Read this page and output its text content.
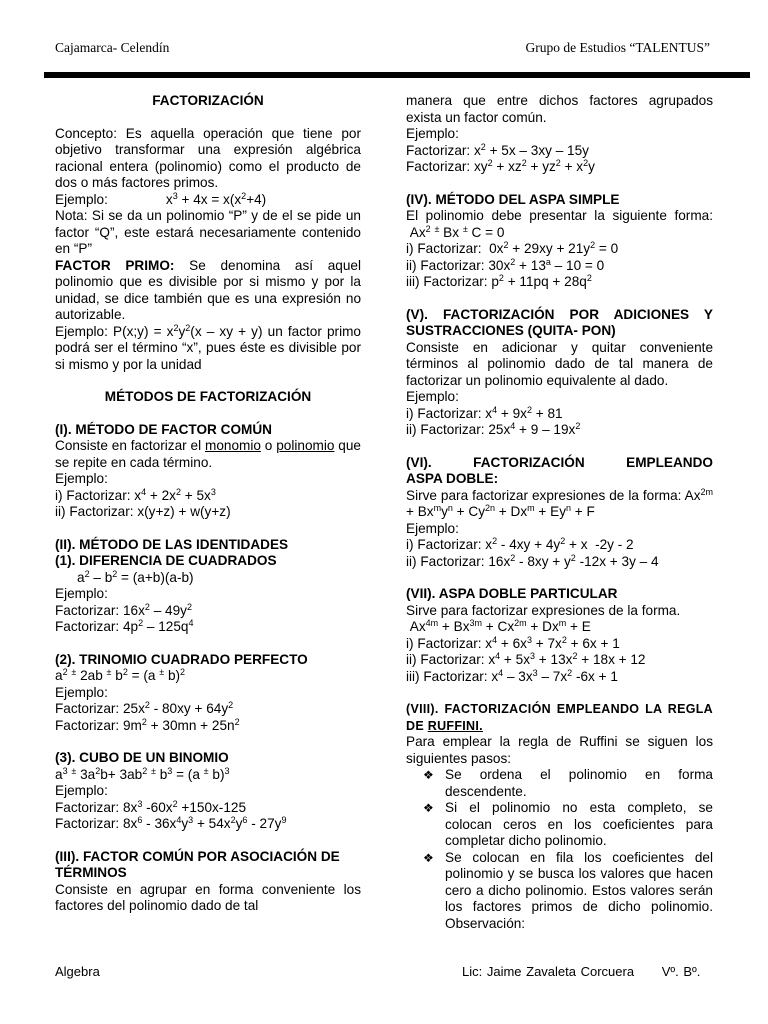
Cajamarca- Celendín	Grupo de Estudios “TALENTUS”
FACTORIZACIÓN

Concepto: Es aquella operación que tiene por objetivo transformar una expresión algébrica racional entera (polinomio) como el producto de dos o más factores primos.

Ejemplo:	$x^3 + 4x = x(x^2+4)$

Nota: Si se da un polinomio “P” y de el se pide un factor “Q”, este estará necesariamente contenido en “P”

FACTOR PRIMO: Se denomina así aquel polinomio que es divisible por si mismo y por la unidad, se dice también que es una expresión no autorizable.

Ejemplo: P(x;y) = $x^2y^2(x$ – xy + y) un factor primo podrá ser el término “x”, pues éste es divisible por si mismo y por la unidad

MÉTODOS DE FACTORIZACIÓN
(I). MÉTODO DE FACTOR COMÚN

Consiste en factorizar el monomio o polinomio que se repite en cada término.

Ejemplo:
i) Factorizar: $x^4 + 2x^2 + 5x^3$
ii) Factorizar: x(y+z) + w(y+z)
(II). MÉTODO DE LAS IDENTIDADES
(1). DIFERENCIA DE CUADRADOS
$a^2 - b^2 = (a+b)(a-b)$
Ejemplo:
Factorizar: $16x^2 - 49y^2$
Factorizar: $4p^2 - 125q^4$
(2). TRINOMIO CUADRADO PERFECTO
$a^2$ ± 2ab ± $b^2 = (a$ ± b)$^2$
Ejemplo:
Factorizar: $25x^2 - 80xy + 64y^2$
Factorizar: $9m^2 + 30mn + 25n^2$
(3). CUBO DE UN BINOMIO
$a^3$ ± $3a^2b+ 3ab^2$ ± $b^3 = (a$ ± b)$^3$
Ejemplo:
Factorizar: $8x^3$ $-60x^2 +150x-125$
Factorizar: $8x^6 - 36x^4y^3 + 54x^2y^6 - 27y^9$
(III). FACTOR COMÚN POR ASOCIACIÓN DE TÉRMINOS

Consiste en agrupar en forma conveniente los factores del polinomio dado de tal

manera que entre dichos factores agrupados exista un factor común.

Ejemplo:
Factorizar: $x^2 + 5x - 3xy - 15y$
Factorizar: $xy^2 + xz^2 + yz^2 + x^2y$
(IV). MÉTODO DEL ASPA SIMPLE
El polinomio debe presentar la siguiente forma:  Ax$^2$ ± Bx ± C = 0
i) Factorizar:  $0x^2 + 29xy + 21y^2 = 0$
ii) Factorizar: $30x^2 + 13^a - 10 = 0$
iii) Factorizar: $p^2 + 11pq + 28q^2$
(V). FACTORIZACIÓN POR ADICIONES Y SUSTRACCIONES (QUITA- PON)

Consiste en adicionar y quitar conveniente términos al polinomio dado de tal manera de factorizar un polinomio equivalente al dado.

Ejemplo:
i) Factorizar: $x^4 + 9x^2 + 81$
ii) Factorizar: $25x^4 + 9 - 19x^2$
(VI).	FACTORIZACIÓN	EMPLEANDO
ASPA DOBLE:
Sirve para factorizar expresiones de la forma: $Ax^{2m} + Bx^my^n + Cy^{2n} + Dx^m + Ey^n + F$
Ejemplo:
i) Factorizar: $x^2 - 4xy + 4y^2 + x$  -2y - 2
ii) Factorizar: $16x^2 - 8xy + y^2$ -12x + 3y – 4
(VII). ASPA DOBLE PARTICULAR

Sirve para factorizar expresiones de la forma.

$Ax^{4m} + Bx^{3m} + Cx^{2m} + Dx^m + E$
i) Factorizar: $x^4 + 6x^3 + 7x^2 + 6x + 1$
ii) Factorizar: $x^4 + 5x^3 + 13x^2 + 18x + 12$
iii) Factorizar: $x^4 - 3x^3 - 7x^2$ -6x + 1
(VIII). FACTORIZACIÓN EMPLEANDO LA REGLA DE RUFFINI.

Para emplear la regla de Ruffini se siguen los siguientes pasos:

❖ Se ordena el polinomio en forma descendente.
❖ Si el polinomio no esta completo, se colocan ceros en los coeficientes para completar dicho polinomio.
❖ Se colocan en fila los coeficientes del polinomio y se busca los valores que hacen cero a dicho polinomio. Estos valores serán los factores primos de dicho polinomio. Observación:
Algebra	Lic: Jaime Zavaleta Corcuera      Vº. Bº.
